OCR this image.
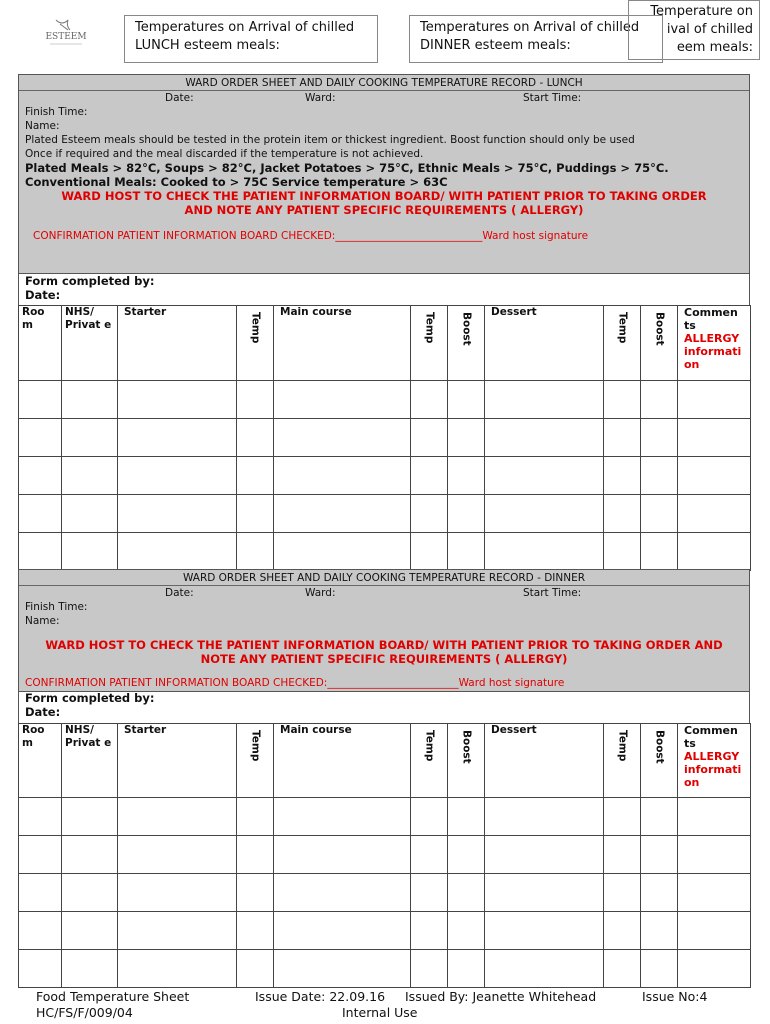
ESTEEM
Temperatures on Arrival of chilled LUNCH esteem meals:
Temperatures on Arrival of chilled DINNER esteem meals:
Temperature on
ival of chilled
eem meals:
WARD ORDER SHEET AND DAILY COOKING TEMPERATURE RECORD - LUNCH
Date:	Ward:	Start Time:
Finish Time:
Name:
Plated Esteem meals should be tested in the protein item or thickest ingredient. Boost function should only be used
Once if required and the meal discarded if the temperature is not achieved.
Plated Meals > 82°C, Soups > 82°C, Jacket Potatoes > 75°C, Ethnic Meals > 75°C, Puddings > 75°C.
Conventional Meals: Cooked to > 75C Service temperature > 63C
WARD HOST TO CHECK THE PATIENT INFORMATION BOARD/ WITH PATIENT PRIOR TO TAKING ORDER AND NOTE ANY PATIENT SPECIFIC REQUIREMENTS ( ALLERGY)
CONFIRMATION PATIENT INFORMATION BOARD CHECKED:____________________________Ward host signature
Form completed by:
Date:
Roo m	NHS/ Privat e	Starter	Temp	Main course	Temp	Boost	Dessert	Temp	Boost	Commen ts
ALLERGY informati on

WARD ORDER SHEET AND DAILY COOKING TEMPERATURE RECORD - DINNER
Date:	Ward:	Start Time:
Finish Time:
Name:
WARD HOST TO CHECK THE PATIENT INFORMATION BOARD/ WITH PATIENT PRIOR TO TAKING ORDER AND NOTE ANY PATIENT SPECIFIC REQUIREMENTS ( ALLERGY)
CONFIRMATION PATIENT INFORMATION BOARD CHECKED:_________________________Ward host signature
Form completed by:
Date:
Roo m	NHS/ Privat e	Starter	Temp	Main course	Temp	Boost	Dessert	Temp	Boost	Commen ts
ALLERGY informati on

Food Temperature Sheet
HC/FS/F/009/04
Issue Date: 22.09.16 Issued By: Jeanette Whitehead
Internal Use
Issue No:4
